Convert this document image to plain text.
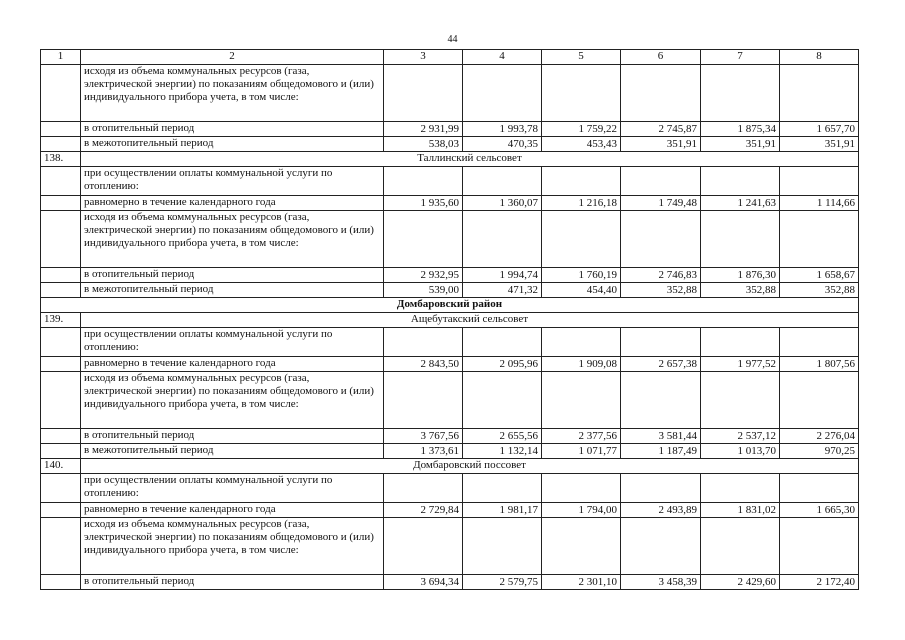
44
1	2	3	4	5	6	7	8
	исходя из объема коммунальных ресурсов (газа, электрической энергии) по показаниям общедомового и (или) индивидуального прибора учета, в том числе:						
	в отопительный период	2 931,99	1 993,78	1 759,22	2 745,87	1 875,34	1 657,70
	в межотопительный период	538,03	470,35	453,43	351,91	351,91	351,91
138.	Таллинский сельсовет						
	при осуществлении оплаты коммунальной услуги по отоплению:						
	равномерно в течение календарного года	1 935,60	1 360,07	1 216,18	1 749,48	1 241,63	1 114,66
	исходя из объема коммунальных ресурсов (газа, электрической энергии) по показаниям общедомового и (или) индивидуального прибора учета, в том числе:						
	в отопительный период	2 932,95	1 994,74	1 760,19	2 746,83	1 876,30	1 658,67
	в межотопительный период	539,00	471,32	454,40	352,88	352,88	352,88
Домбаровский район							
139.	Ащебутакский сельсовет						
	при осуществлении оплаты коммунальной услуги по отоплению:						
	равномерно в течение календарного года	2 843,50	2 095,96	1 909,08	2 657,38	1 977,52	1 807,56
	исходя из объема коммунальных ресурсов (газа, электрической энергии) по показаниям общедомового и (или) индивидуального прибора учета, в том числе:						
	в отопительный период	3 767,56	2 655,56	2 377,56	3 581,44	2 537,12	2 276,04
	в межотопительный период	1 373,61	1 132,14	1 071,77	1 187,49	1 013,70	970,25
140.	Домбаровский поссовет						
	при осуществлении оплаты коммунальной услуги по отоплению:						
	равномерно в течение календарного года	2 729,84	1 981,17	1 794,00	2 493,89	1 831,02	1 665,30
	исходя из объема коммунальных ресурсов (газа, электрической энергии) по показаниям общедомового и (или) индивидуального прибора учета, в том числе:						
	в отопительный период	3 694,34	2 579,75	2 301,10	3 458,39	2 429,60	2 172,40
